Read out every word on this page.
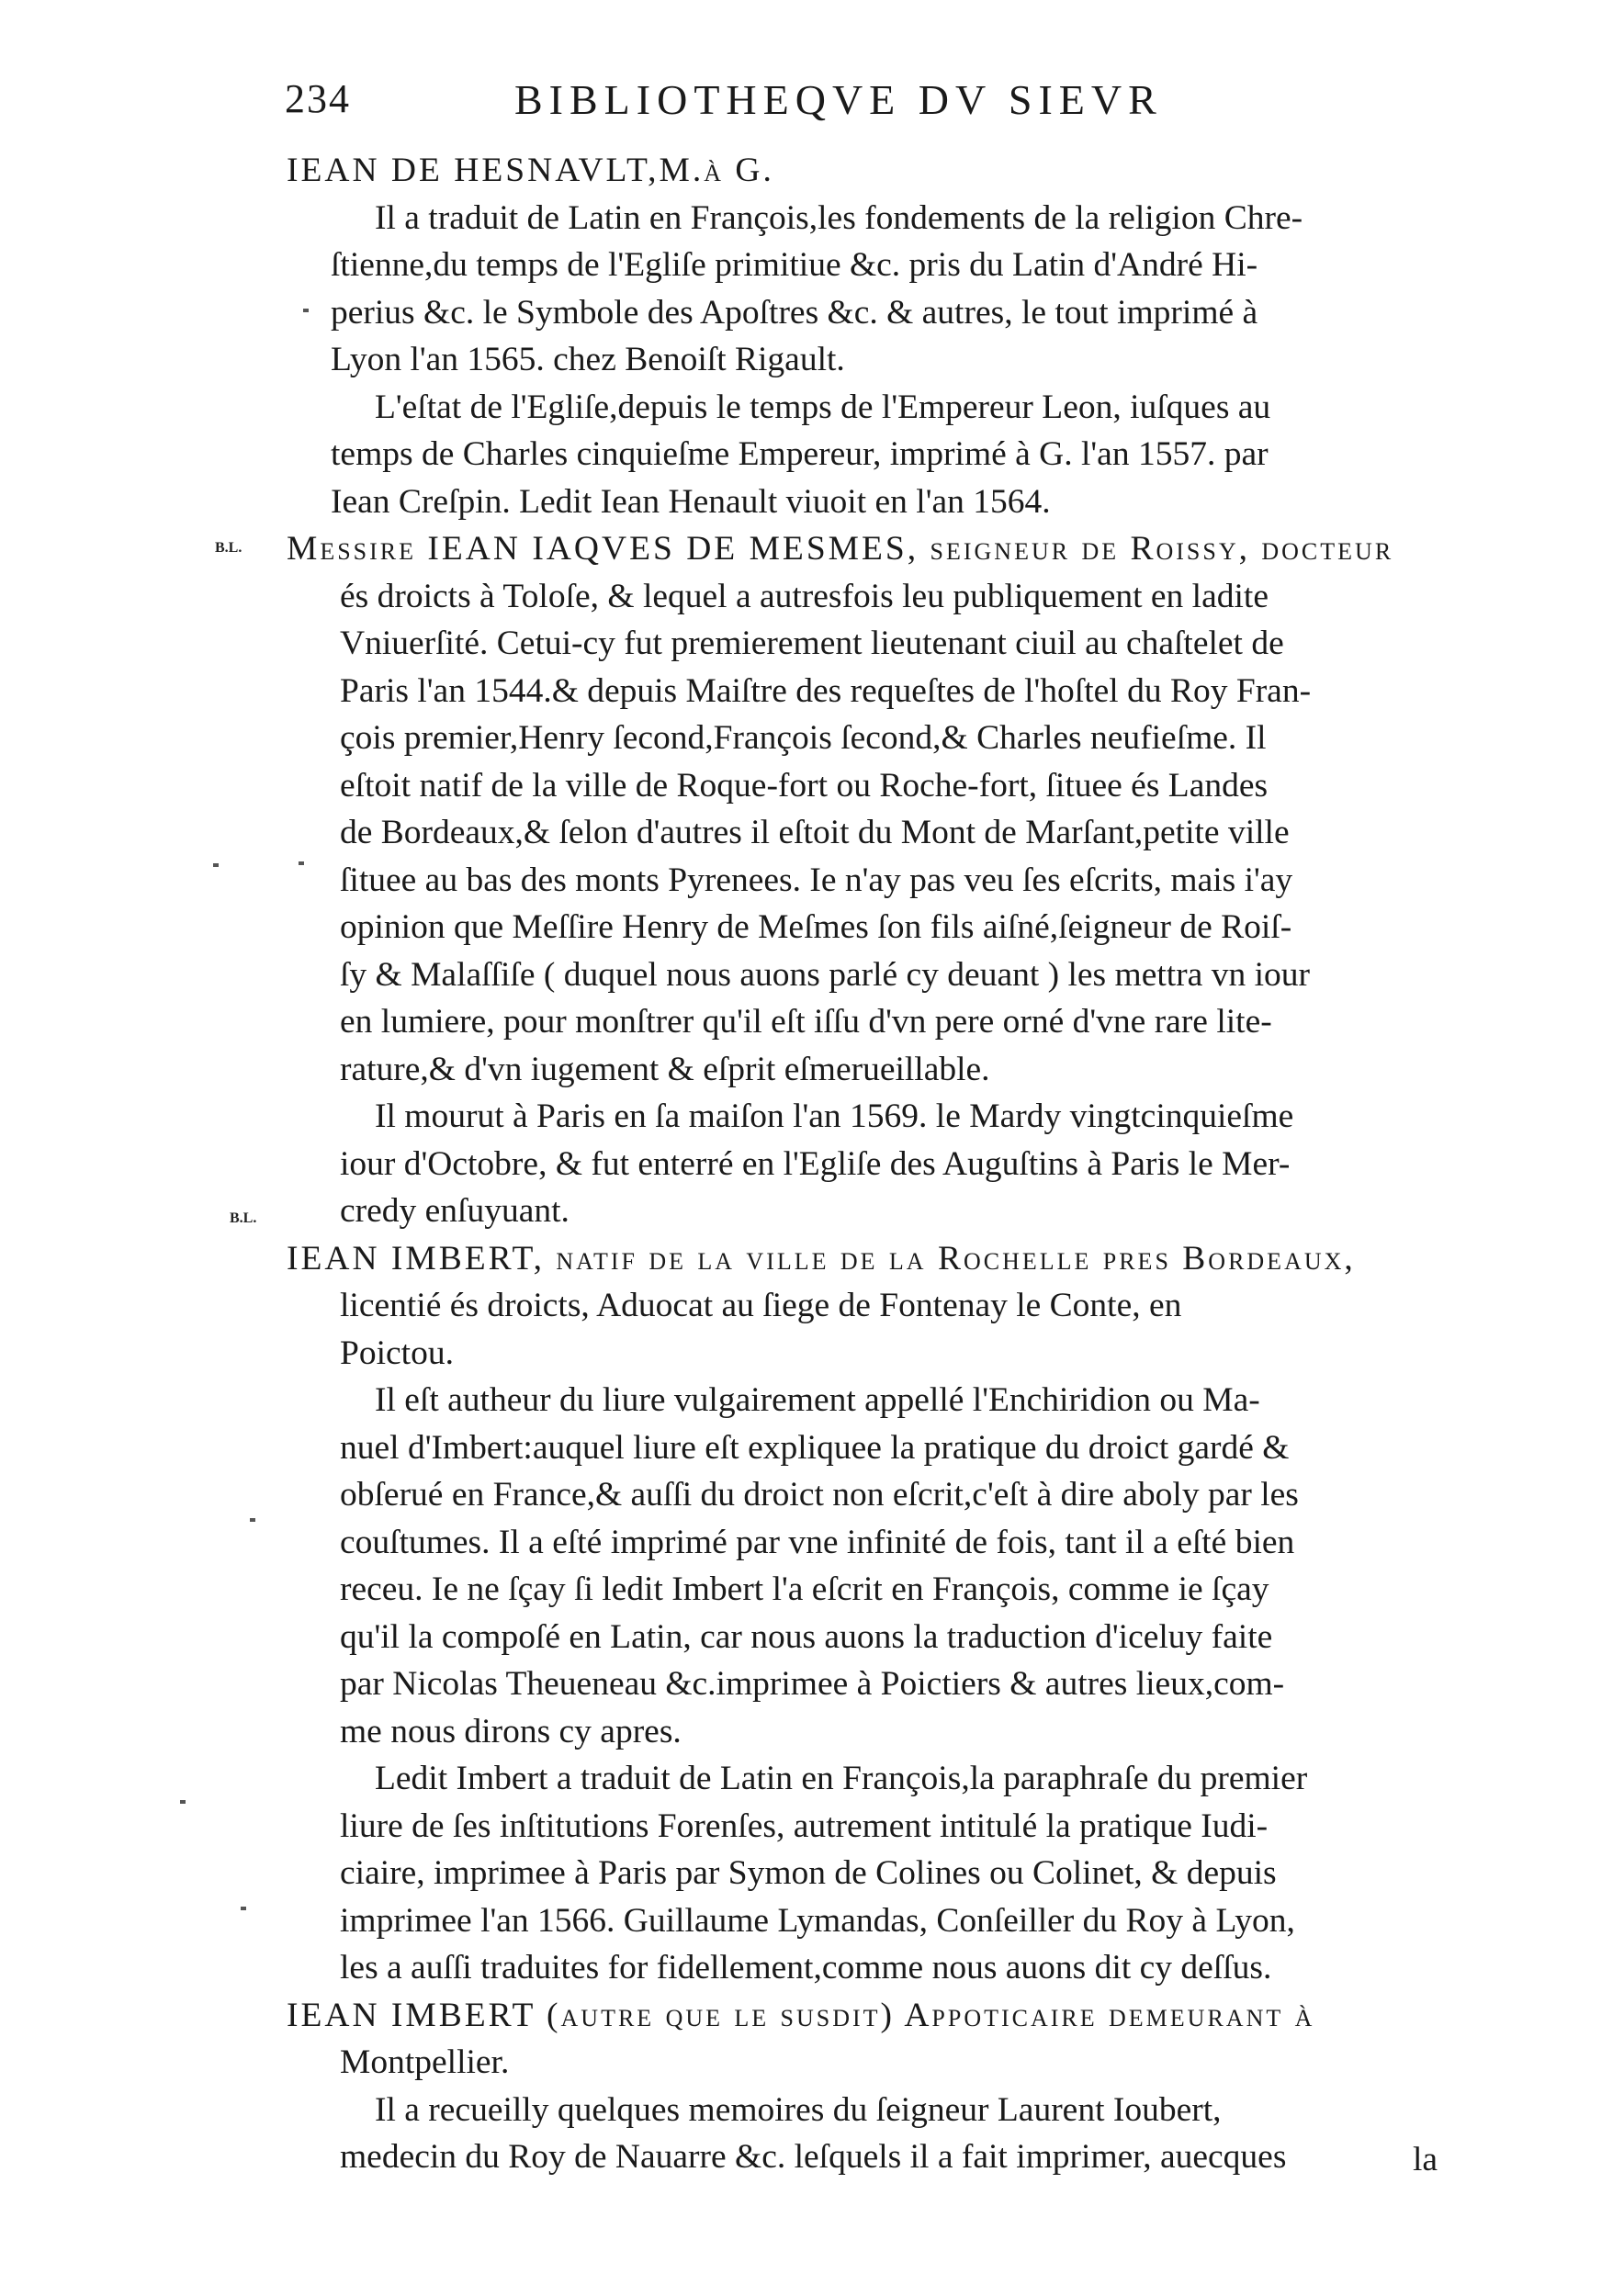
234	BIBLIOTHEQVE DV SIEVR
B.L.
B.L.
IEAN DE HESNAVLT,M.à G.
Il a traduit de Latin en François,les fondements de la religion Chre-
ſtienne,du temps de l'Egliſe primitiue &c. pris du Latin d'André Hi-
perius &c. le Symbole des Apoſtres &c. & autres, le tout imprimé à
Lyon l'an 1565. chez Benoiſt Rigault.
L'eſtat de l'Egliſe,depuis le temps de l'Empereur Leon, iuſques au
temps de Charles cinquieſme Empereur, imprimé à G. l'an 1557. par
Iean Creſpin. Ledit Iean Henault viuoit en l'an 1564.
Meſſire IEAN IAQVES DE MESMES, ſeigneur de Roiſſy, docteur
és droicts à Toloſe, & lequel a autresfois leu publiquement en ladite
Vniuerſité. Cetui-cy fut premierement lieutenant ciuil au chaſtelet de
Paris l'an 1544.& depuis Maiſtre des requeſtes de l'hoſtel du Roy Fran-
çois premier,Henry ſecond,François ſecond,& Charles neufieſme. Il
eſtoit natif de la ville de Roque-fort ou Roche-fort, ſituee és Landes
de Bordeaux,& ſelon d'autres il eſtoit du Mont de Marſant,petite ville
ſituee au bas des monts Pyrenees. Ie n'ay pas veu ſes eſcrits, mais i'ay
opinion que Meſſire Henry de Meſmes ſon fils aiſné,ſeigneur de Roiſ-
ſy & Malaſſiſe ( duquel nous auons parlé cy deuant ) les mettra vn iour
en lumiere, pour monſtrer qu'il eſt iſſu d'vn pere orné d'vne rare lite-
rature,& d'vn iugement & eſprit eſmerueillable.
Il mourut à Paris en ſa maiſon l'an 1569. le Mardy vingtcinquieſme
iour d'Octobre, & fut enterré en l'Egliſe des Auguſtins à Paris le Mer-
credy enſuyuant.
IEAN IMBERT, natif de la ville de la Rochelle pres Bordeaux,
licentié és droicts, Aduocat au ſiege de Fontenay le Conte, en
Poictou.
Il eſt autheur du liure vulgairement appellé l'Enchiridion ou Ma-
nuel d'Imbert:auquel liure eſt expliquee la pratique du droict gardé &
obſerué en France,& auſſi du droict non eſcrit,c'eſt à dire aboly par les
couſtumes. Il a eſté imprimé par vne infinité de fois, tant il a eſté bien
receu. Ie ne ſçay ſi ledit Imbert l'a eſcrit en François, comme ie ſçay
qu'il la compoſé en Latin, car nous auons la traduction d'iceluy faite
par Nicolas Theueneau &c.imprimee à Poictiers & autres lieux,com-
me nous dirons cy apres.
Ledit Imbert a traduit de Latin en François,la paraphraſe du premier
liure de ſes inſtitutions Forenſes, autrement intitulé la pratique Iudi-
ciaire, imprimee à Paris par Symon de Colines ou Colinet, & depuis
imprimee l'an 1566. Guillaume Lymandas, Conſeiller du Roy à Lyon,
les a auſſi traduites for fidellement,comme nous auons dit cy deſſus.
IEAN IMBERT (autre que le ſuſdit) Appoticaire demeurant à
Montpellier.
Il a recueilly quelques memoires du ſeigneur Laurent Ioubert,
medecin du Roy de Nauarre &c. leſquels il a fait imprimer, auecques	la
